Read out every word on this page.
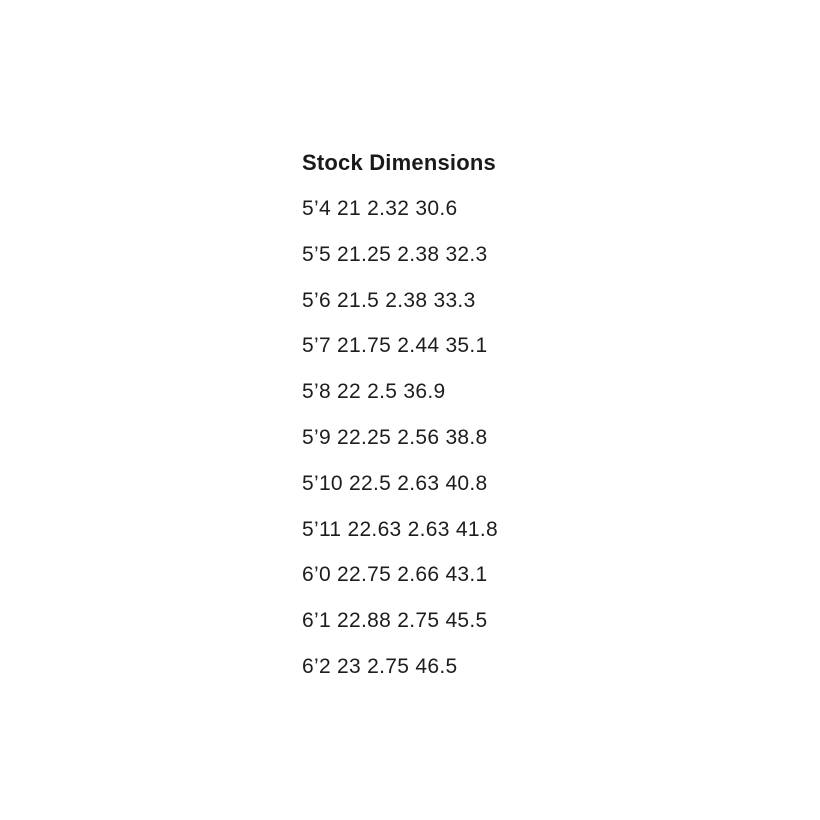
Stock Dimensions
5’4 21 2.32 30.6
5’5 21.25 2.38 32.3
5’6 21.5 2.38 33.3
5’7 21.75 2.44 35.1
5’8 22 2.5 36.9
5’9 22.25 2.56 38.8
5’10 22.5 2.63 40.8
5’11 22.63 2.63 41.8
6’0 22.75 2.66 43.1
6’1 22.88 2.75 45.5
6’2 23 2.75 46.5
